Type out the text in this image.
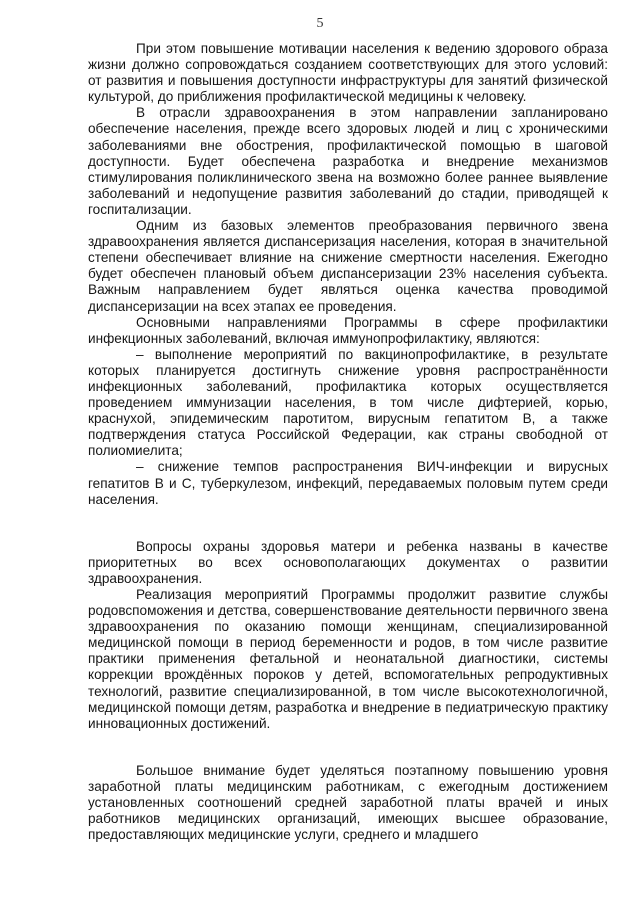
5

При этом повышение мотивации населения к ведению здорового образа жизни должно сопровождаться созданием соответствующих для этого условий: от развития и повышения доступности инфраструктуры для занятий физической культурой, до приближения профилактической медицины к человеку.

В отрасли здравоохранения в этом направлении запланировано обеспечение населения, прежде всего здоровых людей и лиц с хроническими заболеваниями вне обострения, профилактической помощью в шаговой доступности. Будет обеспечена разработка и внедрение механизмов стимулирования поликлинического звена на возможно более раннее выявление заболеваний и недопущение развития заболеваний до стадии, приводящей к госпитализации.

Одним из базовых элементов преобразования первичного звена здравоохранения является диспансеризация населения, которая в значительной степени обеспечивает влияние на снижение смертности населения. Ежегодно будет обеспечен плановый объем диспансеризации 23% населения субъекта. Важным направлением будет являться оценка качества проводимой диспансеризации на всех этапах ее проведения.

Основными направлениями Программы в сфере профилактики инфекционных заболеваний, включая иммунопрофилактику, являются:

– выполнение мероприятий по вакцинопрофилактике, в результате которых планируется достигнуть снижение уровня распространённости инфекционных заболеваний, профилактика которых осуществляется проведением иммунизации населения, в том числе дифтерией, корью, краснухой, эпидемическим паротитом, вирусным гепатитом В, а также подтверждения статуса Российской Федерации, как страны свободной от полиомиелита;

– снижение темпов распространения ВИЧ-инфекции и вирусных гепатитов В и С, туберкулезом, инфекций, передаваемых половым путем среди населения.

Вопросы охраны здоровья матери и ребенка названы в качестве приоритетных во всех основополагающих документах о развитии здравоохранения.

Реализация мероприятий Программы продолжит развитие службы родовспоможения и детства, совершенствование деятельности первичного звена здравоохранения по оказанию помощи женщинам, специализированной медицинской помощи в период беременности и родов, в том числе развитие практики применения фетальной и неонатальной диагностики, системы коррекции врождённых пороков у детей, вспомогательных репродуктивных технологий, развитие специализированной, в том числе высокотехнологичной, медицинской помощи детям, разработка и внедрение в педиатрическую практику инновационных достижений.

Большое внимание будет уделяться поэтапному повышению уровня заработной платы медицинским работникам, с ежегодным достижением установленных соотношений средней заработной платы врачей и иных работников медицинских организаций, имеющих высшее образование, предоставляющих медицинские услуги, среднего и младшего
